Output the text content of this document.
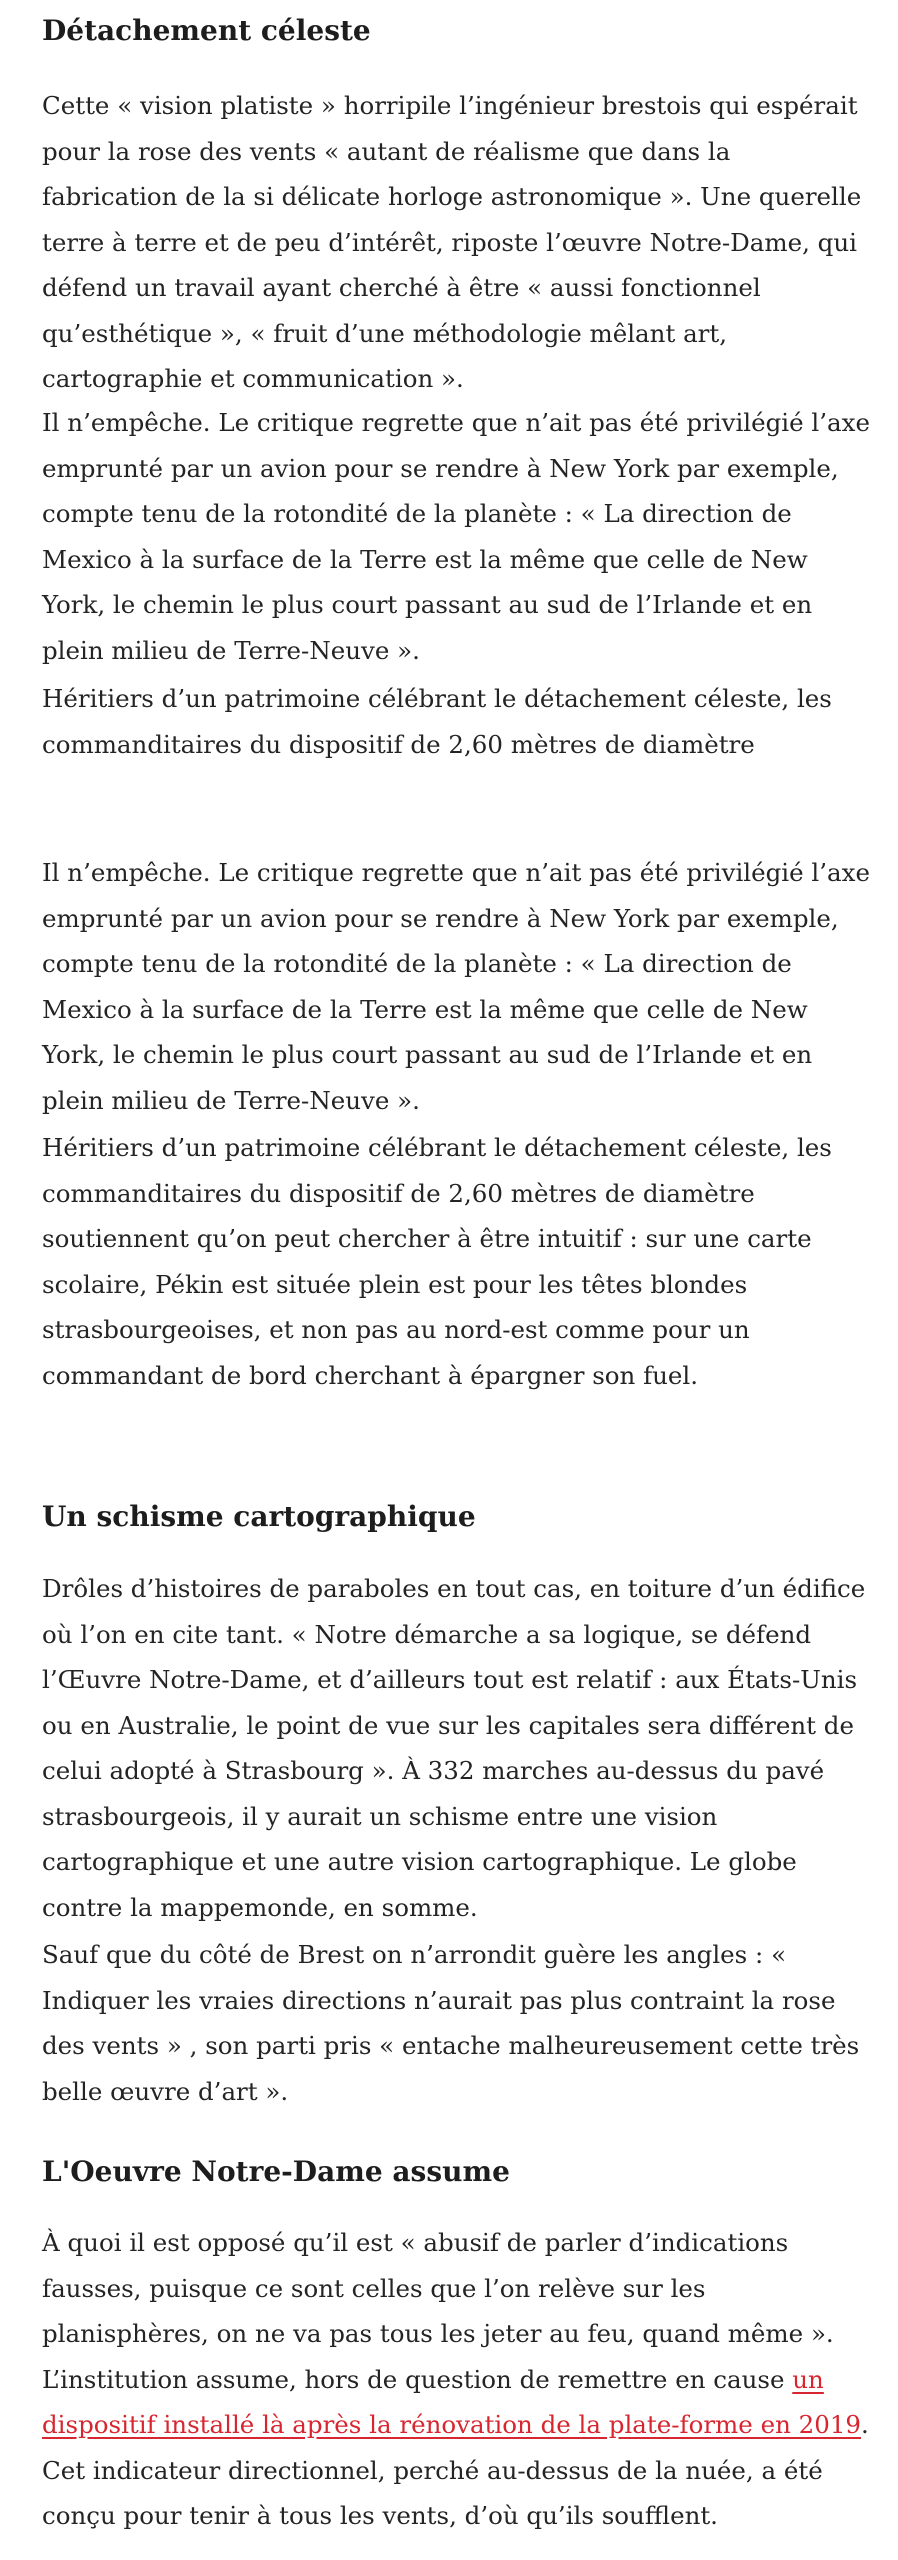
Détachement céleste

Cette « vision platiste » horripile l’ingénieur brestois qui espérait pour la rose des vents « autant de réalisme que dans la fabrication de la si délicate horloge astronomique ». Une querelle terre à terre et de peu d’intérêt, riposte l’œuvre Notre-Dame, qui défend un travail ayant cherché à être « aussi fonctionnel qu’esthétique », « fruit d’une méthodologie mêlant art, cartographie et communication ».

Il n’empêche. Le critique regrette que n’ait pas été privilégié l’axe emprunté par un avion pour se rendre à New York par exemple, compte tenu de la rotondité de la planète : « La direction de Mexico à la surface de la Terre est la même que celle de New York, le chemin le plus court passant au sud de l’Irlande et en plein milieu de Terre-Neuve ».

Héritiers d’un patrimoine célébrant le détachement céleste, les commanditaires du dispositif de 2,60 mètres de diamètre

Il n’empêche. Le critique regrette que n’ait pas été privilégié l’axe emprunté par un avion pour se rendre à New York par exemple, compte tenu de la rotondité de la planète : « La direction de Mexico à la surface de la Terre est la même que celle de New York, le chemin le plus court passant au sud de l’Irlande et en plein milieu de Terre-Neuve ».

Héritiers d’un patrimoine célébrant le détachement céleste, les commanditaires du dispositif de 2,60 mètres de diamètre soutiennent qu’on peut chercher à être intuitif : sur une carte scolaire, Pékin est située plein est pour les têtes blondes strasbourgeoises, et non pas au nord-est comme pour un commandant de bord cherchant à épargner son fuel.

Un schisme cartographique

Drôles d’histoires de paraboles en tout cas, en toiture d’un édifice où l’on en cite tant. « Notre démarche a sa logique, se défend l’Œuvre Notre-Dame, et d’ailleurs tout est relatif : aux États-Unis ou en Australie, le point de vue sur les capitales sera différent de celui adopté à Strasbourg ». À 332 marches au-dessus du pavé strasbourgeois, il y aurait un schisme entre une vision cartographique et une autre vision cartographique. Le globe contre la mappemonde, en somme.

Sauf que du côté de Brest on n’arrondit guère les angles : « Indiquer les vraies directions n’aurait pas plus contraint la rose des vents » , son parti pris « entache malheureusement cette très belle œuvre d’art ».

L'Oeuvre Notre-Dame assume

À quoi il est opposé qu’il est « abusif de parler d’indications fausses, puisque ce sont celles que l’on relève sur les planisphères, on ne va pas tous les jeter au feu, quand même ». L’institution assume, hors de question de remettre en cause un dispositif installé là après la rénovation de la plate-forme en 2019. Cet indicateur directionnel, perché au-dessus de la nuée, a été conçu pour tenir à tous les vents, d’où qu’ils soufflent.
